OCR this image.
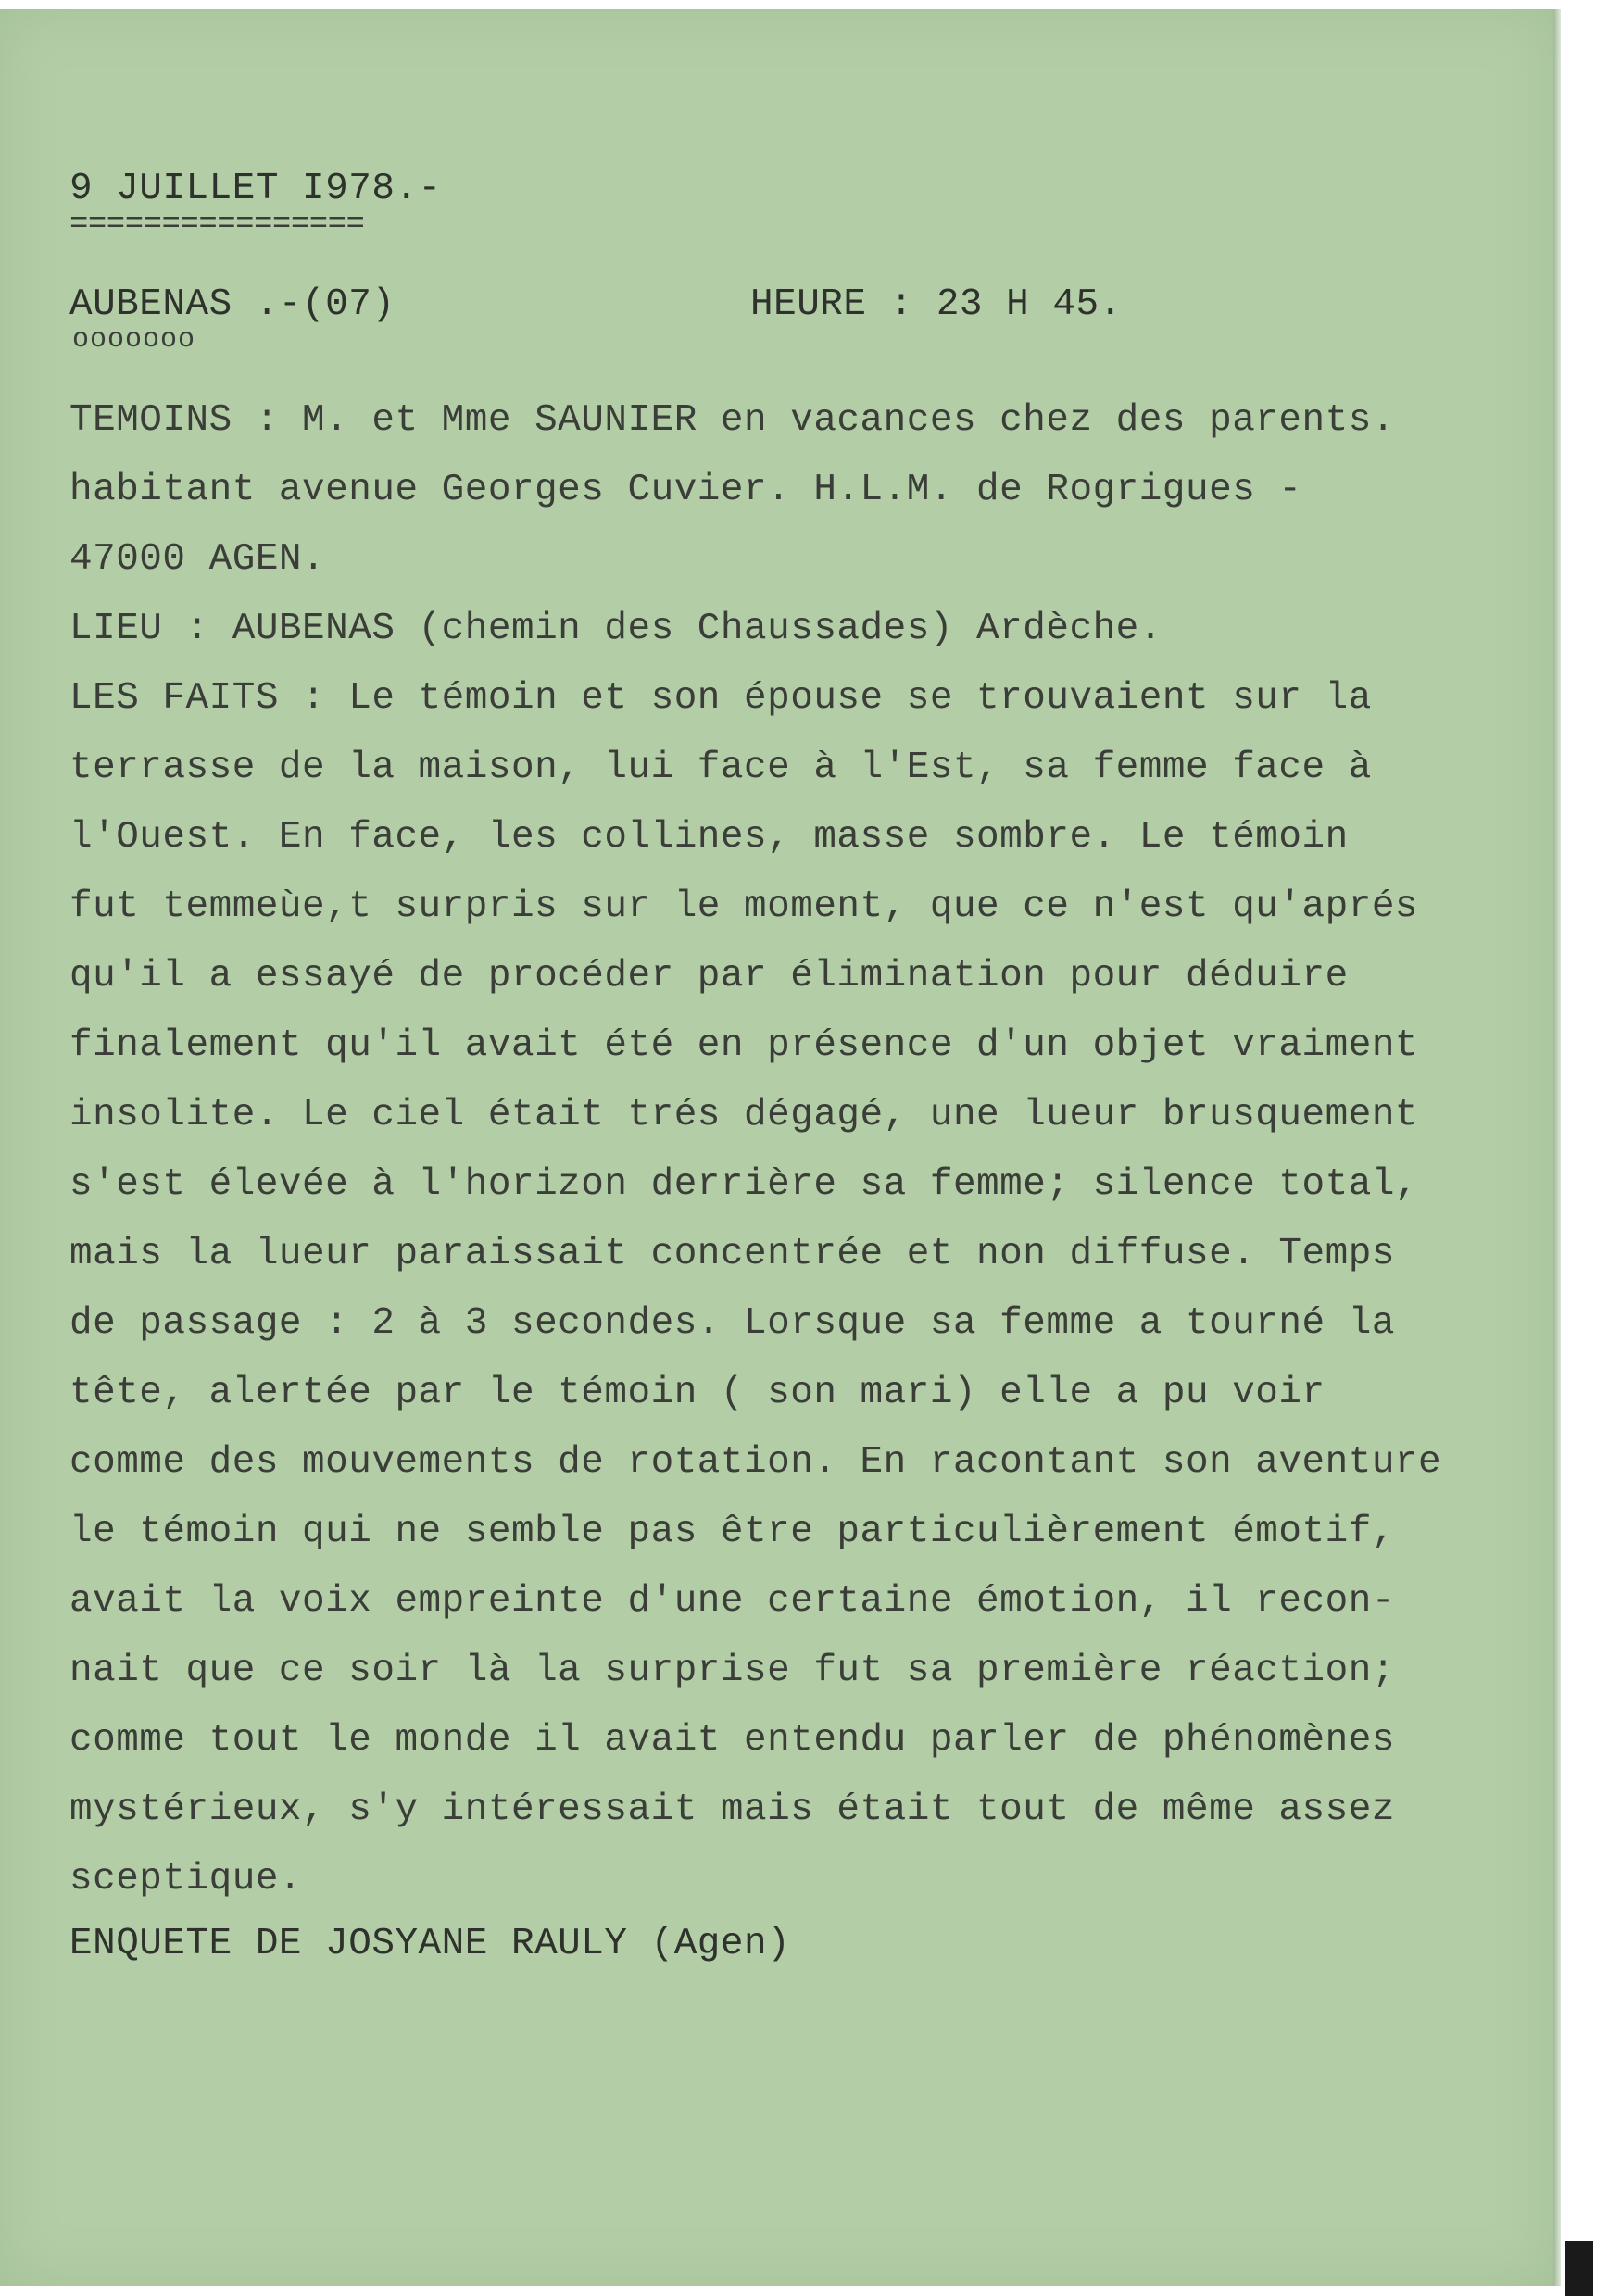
9 JUILLET I978.-
================
AUBENAS .-(07)
ooooooo
HEURE : 23 H 45.
TEMOINS : M. et Mme SAUNIER en vacances chez des parents.
habitant avenue Georges Cuvier. H.L.M. de Rogrigues -
47000 AGEN.
LIEU : AUBENAS (chemin des Chaussades) Ardèche.
LES FAITS : Le témoin et son épouse se trouvaient sur la
terrasse de la maison, lui face à l'Est, sa femme face à
l'Ouest. En face, les collines, masse sombre. Le témoin
fut temmeùe,t surpris sur le moment, que ce n'est qu'aprés
qu'il a essayé de procéder par élimination pour déduire
finalement qu'il avait été en présence d'un objet vraiment
insolite. Le ciel était trés dégagé, une lueur brusquement
s'est élevée à l'horizon derrière sa femme; silence total,
mais la lueur paraissait concentrée et non diffuse. Temps
de passage : 2 à 3 secondes. Lorsque sa femme a tourné la
tête, alertée par le témoin ( son mari) elle a pu voir
comme des mouvements de rotation. En racontant son aventure
le témoin qui ne semble pas être particulièrement émotif,
avait la voix empreinte d'une certaine émotion, il recon-
nait que ce soir là la surprise fut sa première réaction;
comme tout le monde il avait entendu parler de phénomènes
mystérieux, s'y intéressait mais était tout de même assez
sceptique.
ENQUETE DE JOSYANE RAULY (Agen)
